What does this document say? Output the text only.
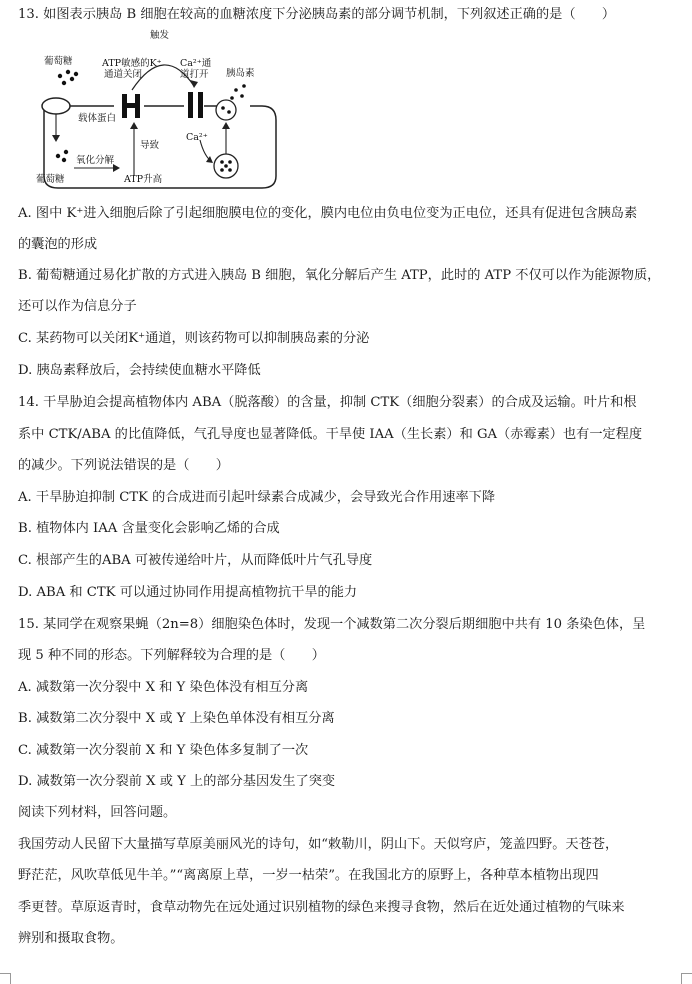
13. 如图表示胰岛 B 细胞在较高的血糖浓度下分泌胰岛素的部分调节机制，下列叙述正确的是（　　）
触发
葡萄糖	ATP敏感的K⁺
通道关闭
Ca²⁺通
道打开 胰岛素
载体蛋白
导致
Ca²⁺
氧化分解
葡萄糖	ATP升高
A. 图中 K⁺进入细胞后除了引起细胞膜电位的变化，膜内电位由负电位变为正电位，还具有促进包含胰岛素
的囊泡的形成
B. 葡萄糖通过易化扩散的方式进入胰岛 B 细胞，氧化分解后产生 ATP，此时的 ATP 不仅可以作为能源物质，
还可以作为信息分子
C. 某药物可以关闭K⁺通道，则该药物可以抑制胰岛素的分泌
D. 胰岛素释放后，会持续使血糖水平降低
14. 干旱胁迫会提高植物体内 ABA（脱落酸）的含量，抑制 CTK（细胞分裂素）的合成及运输。叶片和根
系中 CTK/ABA 的比值降低，气孔导度也显著降低。干旱使 IAA（生长素）和 GA（赤霉素）也有一定程度
的减少。下列说法错误的是（　　）
A. 干旱胁迫抑制 CTK 的合成进而引起叶绿素合成减少，会导致光合作用速率下降
B. 植物体内 IAA 含量变化会影响乙烯的合成
C. 根部产生的ABA 可被传递给叶片，从而降低叶片气孔导度
D. ABA 和 CTK 可以通过协同作用提高植物抗干旱的能力
15. 某同学在观察果蝇（2n=8）细胞染色体时，发现一个减数第二次分裂后期细胞中共有 10 条染色体，呈
现 5 种不同的形态。下列解释较为合理的是（　　）
A. 减数第一次分裂中 X 和 Y 染色体没有相互分离
B. 减数第二次分裂中 X 或 Y 上染色单体没有相互分离
C. 减数第一次分裂前 X 和 Y 染色体多复制了一次
D. 减数第一次分裂前 X 或 Y 上的部分基因发生了突变
阅读下列材料，回答问题。
我国劳动人民留下大量描写草原美丽风光的诗句，如“敕勒川，阴山下。天似穹庐，笼盖四野。天苍苍，
野茫茫，风吹草低见牛羊。”“离离原上草，一岁一枯荣”。在我国北方的原野上，各种草本植物出现四
季更替。草原返青时，食草动物先在远处通过识别植物的绿色来搜寻食物，然后在近处通过植物的气味来
辨别和摄取食物。
